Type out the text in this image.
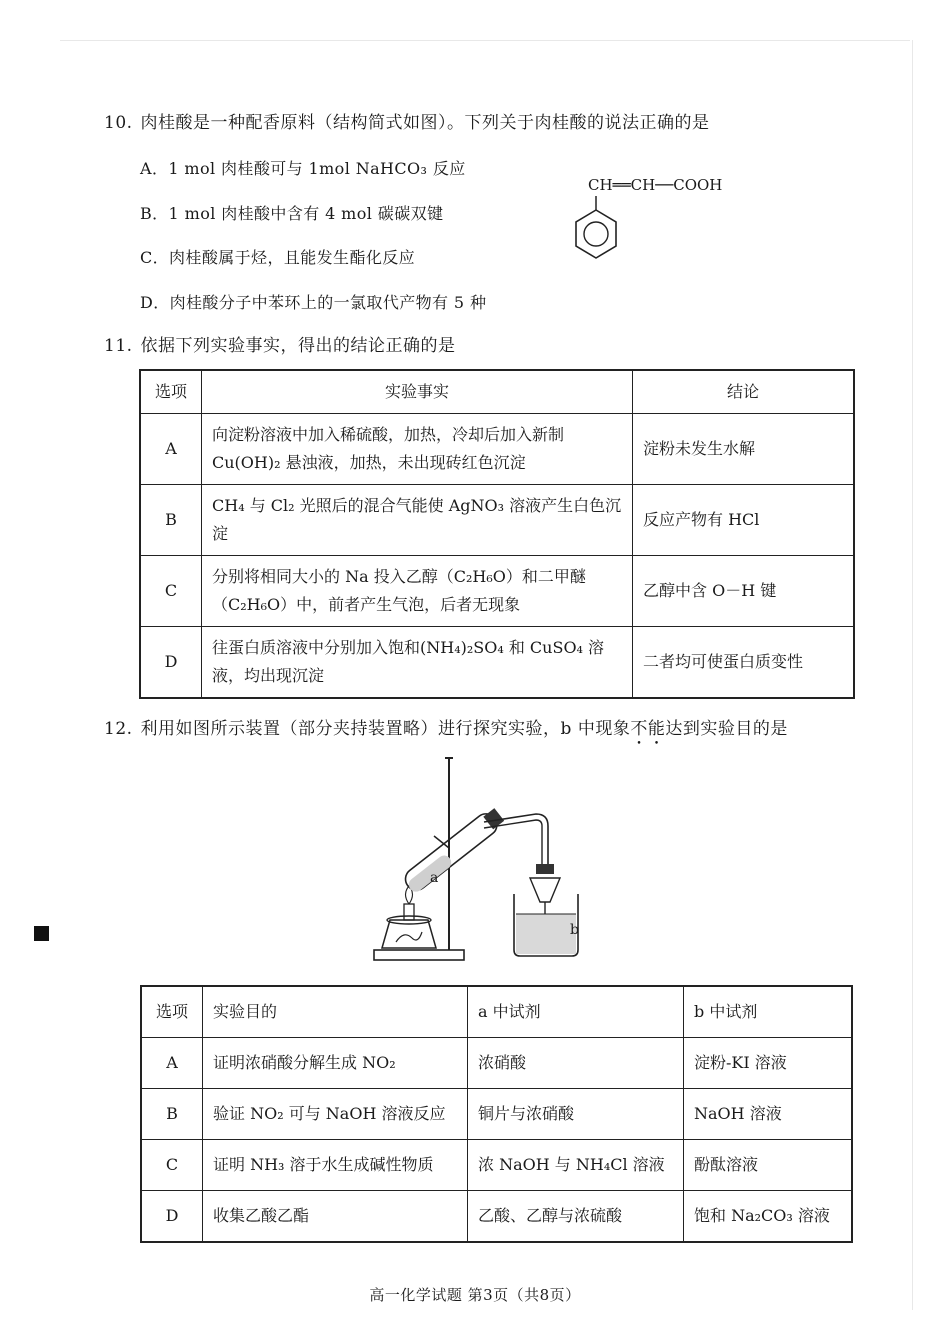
10. 肉桂酸是一种配香原料（结构简式如图）。下列关于肉桂酸的说法正确的是
A．1 mol 肉桂酸可与 1mol NaHCO₃ 反应
B．1 mol 肉桂酸中含有 4 mol 碳碳双键
C．肉桂酸属于烃，且能发生酯化反应
D．肉桂酸分子中苯环上的一氯取代产物有 5 种
CH══CH──COOH
11. 依据下列实验事实，得出的结论正确的是
选项	实验事实	结论
A	向淀粉溶液中加入稀硫酸，加热，冷却后加入新制 Cu(OH)₂ 悬浊液，加热，未出现砖红色沉淀	淀粉未发生水解
B	CH₄ 与 Cl₂ 光照后的混合气能使 AgNO₃ 溶液产生白色沉淀	反应产物有 HCl
C	分别将相同大小的 Na 投入乙醇（C₂H₆O）和二甲醚（C₂H₆O）中，前者产生气泡，后者无现象	乙醇中含 O－H 键
D	往蛋白质溶液中分别加入饱和(NH₄)₂SO₄ 和 CuSO₄ 溶液，均出现沉淀	二者均可使蛋白质变性
12. 利用如图所示装置（部分夹持装置略）进行探究实验，b 中现象不能达到实验目的是
a
b
选项	实验目的	a 中试剂	b 中试剂
A	证明浓硝酸分解生成 NO₂	浓硝酸	淀粉-KI 溶液
B	验证 NO₂ 可与 NaOH 溶液反应	铜片与浓硝酸	NaOH 溶液
C	证明 NH₃ 溶于水生成碱性物质	浓 NaOH 与 NH₄Cl 溶液	酚酞溶液
D	收集乙酸乙酯	乙酸、乙醇与浓硫酸	饱和 Na₂CO₃ 溶液
高一化学试题 第3页（共8页）
